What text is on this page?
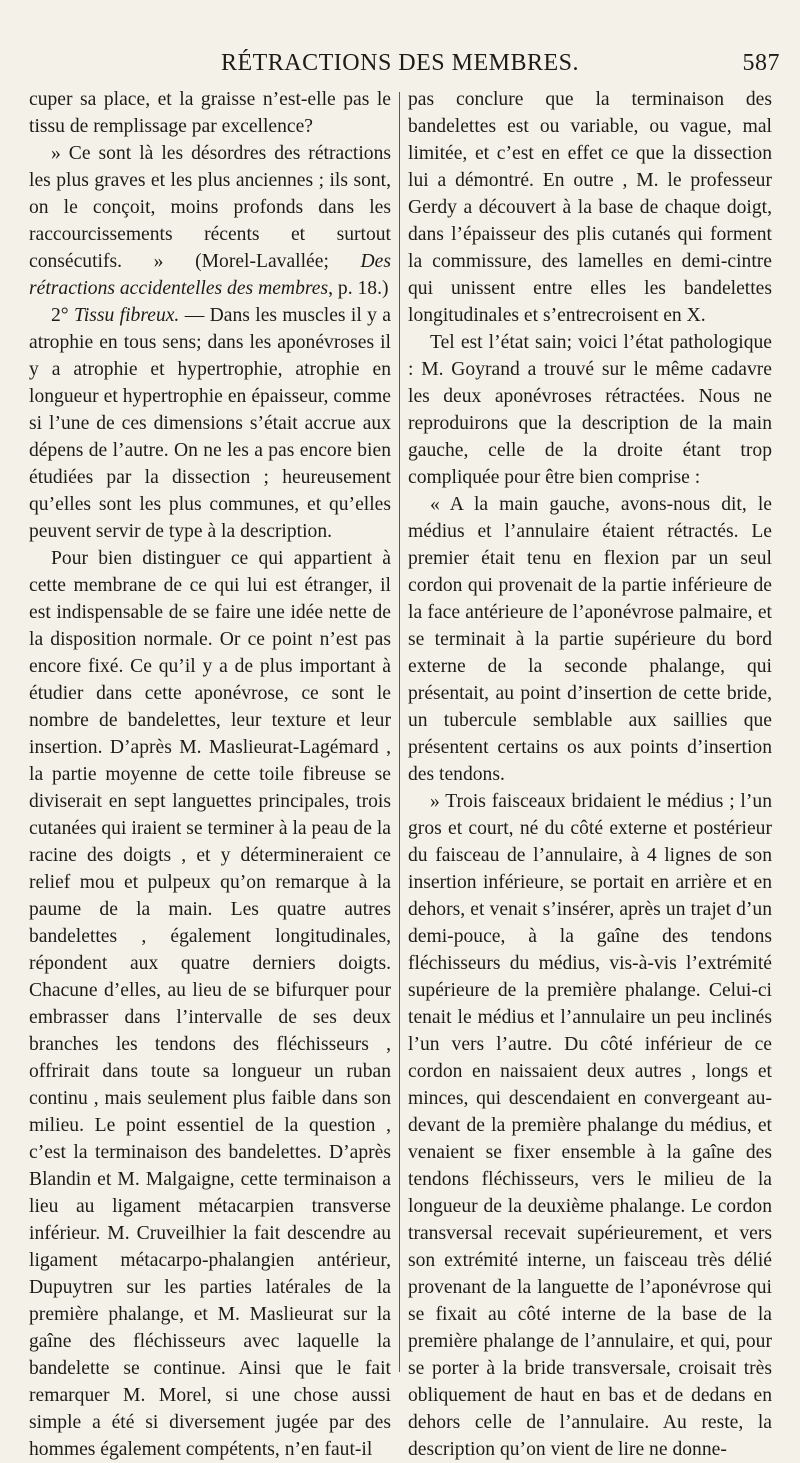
RÉTRACTIONS DES MEMBRES.	587

cuper sa place, et la graisse n’est-elle pas le tissu de remplissage par excellence?

» Ce sont là les désordres des rétractions les plus graves et les plus anciennes ; ils sont, on le conçoit, moins profonds dans les raccourcissements récents et surtout consécutifs. » (Morel-Lavallée; Des rétractions accidentelles des membres, p. 18.)

2° Tissu fibreux. — Dans les muscles il y a atrophie en tous sens; dans les aponévroses il y a atrophie et hypertrophie, atrophie en longueur et hypertrophie en épaisseur, comme si l’une de ces dimensions s’était accrue aux dépens de l’autre. On ne les a pas encore bien étudiées par la dissection ; heureusement qu’elles sont les plus communes, et qu’elles peuvent servir de type à la description.

Pour bien distinguer ce qui appartient à cette membrane de ce qui lui est étranger, il est indispensable de se faire une idée nette de la disposition normale. Or ce point n’est pas encore fixé. Ce qu’il y a de plus important à étudier dans cette aponévrose, ce sont le nombre de bandelettes, leur texture et leur insertion. D’après M. Maslieurat-Lagémard , la partie moyenne de cette toile fibreuse se diviserait en sept languettes principales, trois cutanées qui iraient se terminer à la peau de la racine des doigts , et y détermineraient ce relief mou et pulpeux qu’on remarque à la paume de la main. Les quatre autres bandelettes , également longitudinales, répondent aux quatre derniers doigts. Chacune d’elles, au lieu de se bifurquer pour embrasser dans l’intervalle de ses deux branches les tendons des fléchisseurs , offrirait dans toute sa longueur un ruban continu , mais seulement plus faible dans son milieu. Le point essentiel de la question , c’est la terminaison des bandelettes. D’après Blandin et M. Malgaigne, cette terminaison a lieu au ligament métacarpien transverse inférieur. M. Cruveilhier la fait descendre au ligament métacarpo-phalangien antérieur, Dupuytren sur les parties latérales de la première phalange, et M. Maslieurat sur la gaîne des fléchisseurs avec laquelle la bandelette se continue. Ainsi que le fait remarquer M. Morel, si une chose aussi simple a été si diversement jugée par des hommes également compétents, n’en faut-il

pas conclure que la terminaison des bandelettes est ou variable, ou vague, mal limitée, et c’est en effet ce que la dissection lui a démontré. En outre , M. le professeur Gerdy a découvert à la base de chaque doigt, dans l’épaisseur des plis cutanés qui forment la commissure, des lamelles en demi-cintre qui unissent entre elles les bandelettes longitudinales et s’entrecroisent en X.

Tel est l’état sain; voici l’état pathologique : M. Goyrand a trouvé sur le même cadavre les deux aponévroses rétractées. Nous ne reproduirons que la description de la main gauche, celle de la droite étant trop compliquée pour être bien comprise :

« A la main gauche, avons-nous dit, le médius et l’annulaire étaient rétractés. Le premier était tenu en flexion par un seul cordon qui provenait de la partie inférieure de la face antérieure de l’aponévrose palmaire, et se terminait à la partie supérieure du bord externe de la seconde phalange, qui présentait, au point d’insertion de cette bride, un tubercule semblable aux saillies que présentent certains os aux points d’insertion des tendons.

» Trois faisceaux bridaient le médius ; l’un gros et court, né du côté externe et postérieur du faisceau de l’annulaire, à 4 lignes de son insertion inférieure, se portait en arrière et en dehors, et venait s’insérer, après un trajet d’un demi-pouce, à la gaîne des tendons fléchisseurs du médius, vis-à-vis l’extrémité supérieure de la première phalange. Celui-ci tenait le médius et l’annulaire un peu inclinés l’un vers l’autre. Du côté inférieur de ce cordon en naissaient deux autres , longs et minces, qui descendaient en convergeant au-devant de la première phalange du médius, et venaient se fixer ensemble à la gaîne des tendons fléchisseurs, vers le milieu de la longueur de la deuxième phalange. Le cordon transversal recevait supérieurement, et vers son extrémité interne, un faisceau très délié provenant de la languette de l’aponévrose qui se fixait au côté interne de la base de la première phalange de l’annulaire, et qui, pour se porter à la bride transversale, croisait très obliquement de haut en bas et de dedans en dehors celle de l’annulaire. Au reste, la description qu’on vient de lire ne donne-
